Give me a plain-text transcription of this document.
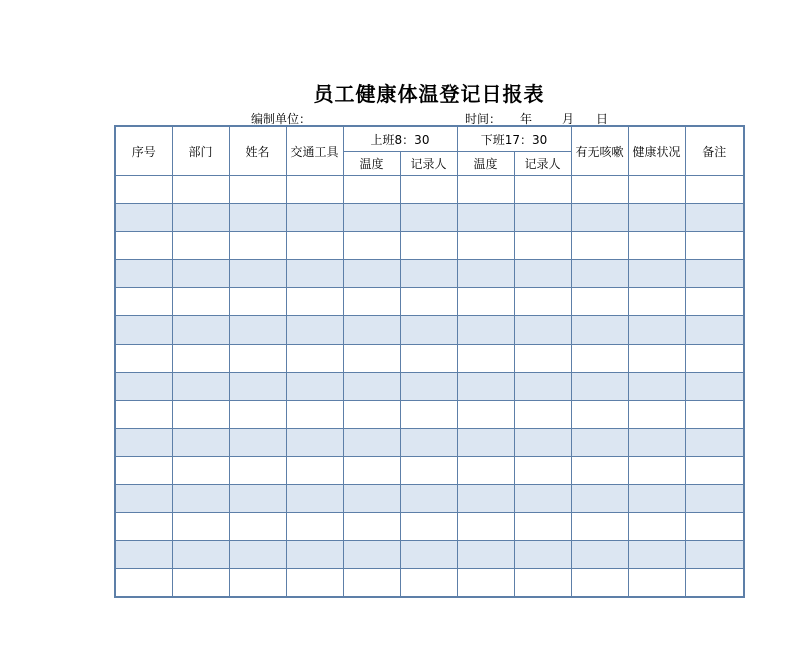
员工健康体温登记日报表
编制单位：	时间： 年 月 日
序号	部门	姓名	交通工具	上班8：30		下班17：30		有无咳嗽	健康状况	备注
				温度	记录人	温度	记录人			
